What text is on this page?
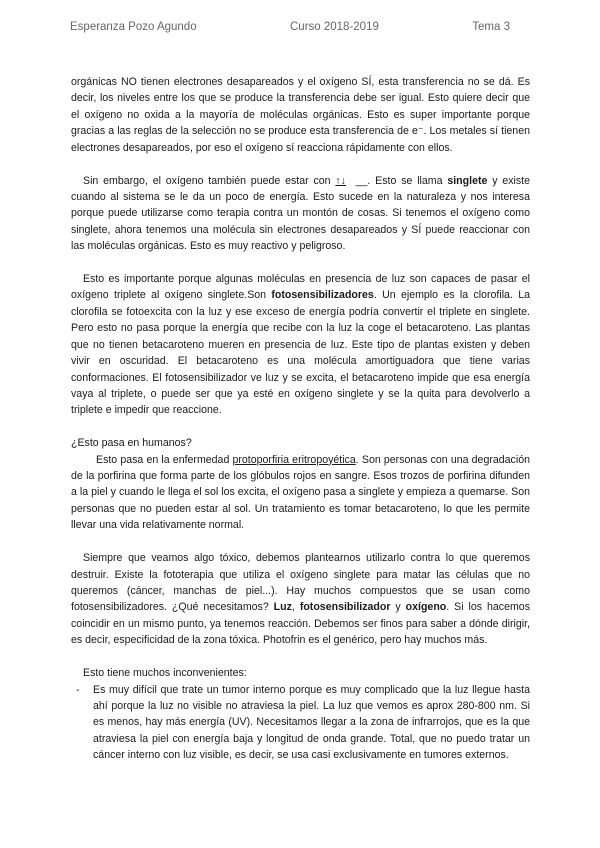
Esperanza Pozo Agundo	Curso 2018-2019	Tema 3

orgánicas NO tienen electrones desapareados y el oxígeno SÍ, esta transferencia no se dá. Es decir, los niveles entre los que se produce la transferencia debe ser igual. Esto quiere decir que el oxígeno no oxida a la mayoría de moléculas orgánicas. Esto es super importante porque gracias a las reglas de la selección no se produce esta transferencia de e⁻. Los metales sí tienen electrones desapareados, por eso el oxígeno sí reacciona rápidamente con ellos.

Sin embargo, el oxígeno también puede estar con ↑↓ __. Esto se llama singlete y existe cuando al sistema se le da un poco de energía. Esto sucede en la naturaleza y nos interesa porque puede utilizarse como terapia contra un montón de cosas. Si tenemos el oxígeno como singlete, ahora tenemos una molécula sin electrones desapareados y SÍ puede reaccionar con las moléculas orgánicas. Esto es muy reactivo y peligroso.

Esto es importante porque algunas moléculas en presencia de luz son capaces de pasar el oxígeno triplete al oxígeno singlete.Son fotosensibilizadores. Un ejemplo es la clorofila. La clorofila se fotoexcita con la luz y ese exceso de energía podría convertir el triplete en singlete. Pero esto no pasa porque la energía que recibe con la luz la coge el betacaroteno. Las plantas que no tienen betacaroteno mueren en presencia de luz. Este tipo de plantas existen y deben vivir en oscuridad. El betacaroteno es una molécula amortiguadora que tiene varias conformaciones. El fotosensibilizador ve luz y se excita, el betacaroteno impide que esa energía vaya al triplete, o puede ser que ya esté en oxígeno singlete y se la quita para devolverlo a triplete e impedir que reaccione.

¿Esto pasa en humanos?

Esto pasa en la enfermedad protoporfiria eritropoyética. Son personas con una degradación de la porfirina que forma parte de los glóbulos rojos en sangre. Esos trozos de porfirina difunden a la piel y cuando le llega el sol los excita, el oxígeno pasa a singlete y empieza a quemarse. Son personas que no pueden estar al sol. Un tratamiento es tomar betacaroteno, lo que les permite llevar una vida relativamente normal.

Siempre que veamos algo tóxico, debemos plantearnos utilizarlo contra lo que queremos destruir. Existe la fototerapia que utiliza el oxígeno singlete para matar las células que no queremos (cáncer, manchas de piel...). Hay muchos compuestos que se usan como fotosensibilizadores. ¿Qué necesitamos? Luz, fotosensibilizador y oxígeno. Si los hacemos coincidir en un mismo punto, ya tenemos reacción. Debemos ser finos para saber a dónde dirigir, es decir, especificidad de la zona tóxica. Photofrin es el genérico, pero hay muchos más.

Esto tiene muchos inconvenientes:

- Es muy difícil que trate un tumor interno porque es muy complicado que la luz llegue hasta ahí porque la luz no visible no atraviesa la piel. La luz que vemos es aprox 280-800 nm. Si es menos, hay más energía (UV). Necesitamos llegar a la zona de infrarrojos, que es la que atraviesa la piel con energía baja y longitud de onda grande. Total, que no puedo tratar un cáncer interno con luz visible, es decir, se usa casi exclusivamente en tumores externos.
